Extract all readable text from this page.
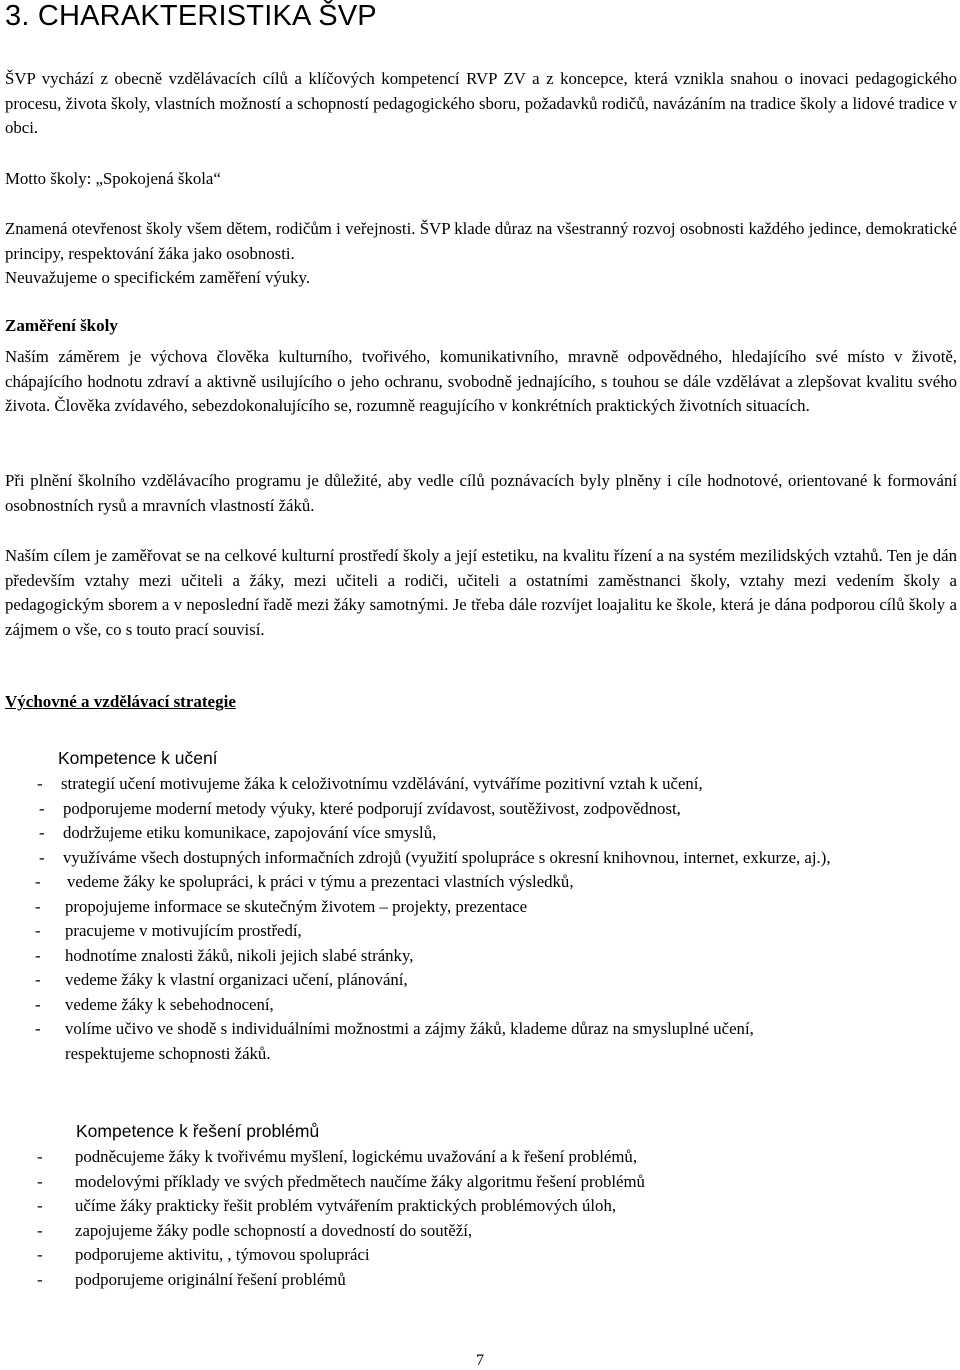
3. CHARAKTERISTIKA ŠVP

ŠVP vychází z obecně vzdělávacích cílů a klíčových kompetencí RVP ZV a z koncepce, která vznikla snahou o inovaci pedagogického procesu, života školy, vlastních možností a schopností pedagogického sboru, požadavků rodičů, navázáním na tradice školy a lidové tradice v obci.

Motto školy: „Spokojená škola“

Znamená otevřenost školy všem dětem, rodičům i veřejnosti. ŠVP klade důraz na všestranný rozvoj osobnosti každého jedince, demokratické principy, respektování žáka jako osobnosti.
Neuvažujeme o specifickém zaměření výuky.

Zaměření školy

Naším záměrem je výchova člověka kulturního, tvořivého, komunikativního, mravně odpovědného, hledajícího své místo v životě, chápajícího hodnotu zdraví a aktivně usilujícího o jeho ochranu, svobodně jednajícího, s touhou se dále vzdělávat a zlepšovat kvalitu svého života. Člověka zvídavého, sebezdokonalujícího se, rozumně reagujícího v konkrétních praktických životních situacích.

Při plnění školního vzdělávacího programu je důležité, aby vedle cílů poznávacích byly plněny i cíle hodnotové, orientované k formování osobnostních rysů a mravních vlastností žáků.

Naším cílem je zaměřovat se na celkové kulturní prostředí školy a její estetiku, na kvalitu řízení a na systém mezilidských vztahů. Ten je dán především vztahy mezi učiteli a žáky, mezi učiteli a rodiči, učiteli a ostatními zaměstnanci školy, vztahy mezi vedením školy a pedagogickým sborem a v neposlední řadě mezi žáky samotnými. Je třeba dále rozvíjet loajalitu ke škole, která je dána podporou cílů školy a zájmem o vše, co s touto prací souvisí.

Výchovné a vzdělávací strategie

Kompetence k učení

- strategií učení motivujeme žáka k celoživotnímu vzdělávání, vytváříme pozitivní vztah k učení,
- podporujeme moderní metody výuky, které podporují zvídavost, soutěživost, zodpovědnost,
- dodržujeme etiku komunikace, zapojování více smyslů,
- využíváme všech dostupných informačních zdrojů (využití spolupráce s okresní knihovnou, internet, exkurze, aj.),
- vedeme žáky ke spolupráci, k práci v týmu a prezentaci vlastních výsledků,
- propojujeme informace se skutečným životem – projekty, prezentace
- pracujeme v motivujícím prostředí,
- hodnotíme znalosti žáků, nikoli jejich slabé stránky,
- vedeme žáky k vlastní organizaci učení, plánování,
- vedeme žáky k sebehodnocení,
- volíme učivo ve shodě s individuálními možnostmi a zájmy žáků, klademe důraz na smysluplné učení, respektujeme schopnosti žáků.

Kompetence k řešení problémů

- podněcujeme žáky k tvořivému myšlení, logickému uvažování a k řešení problémů,
- modelovými příklady ve svých předmětech naučíme žáky algoritmu řešení problémů
- učíme žáky prakticky řešit problém vytvářením praktických problémových úloh,
- zapojujeme žáky podle schopností a dovedností do soutěží,
- podporujeme aktivitu, , týmovou spolupráci
- podporujeme originální řešení problémů
7
